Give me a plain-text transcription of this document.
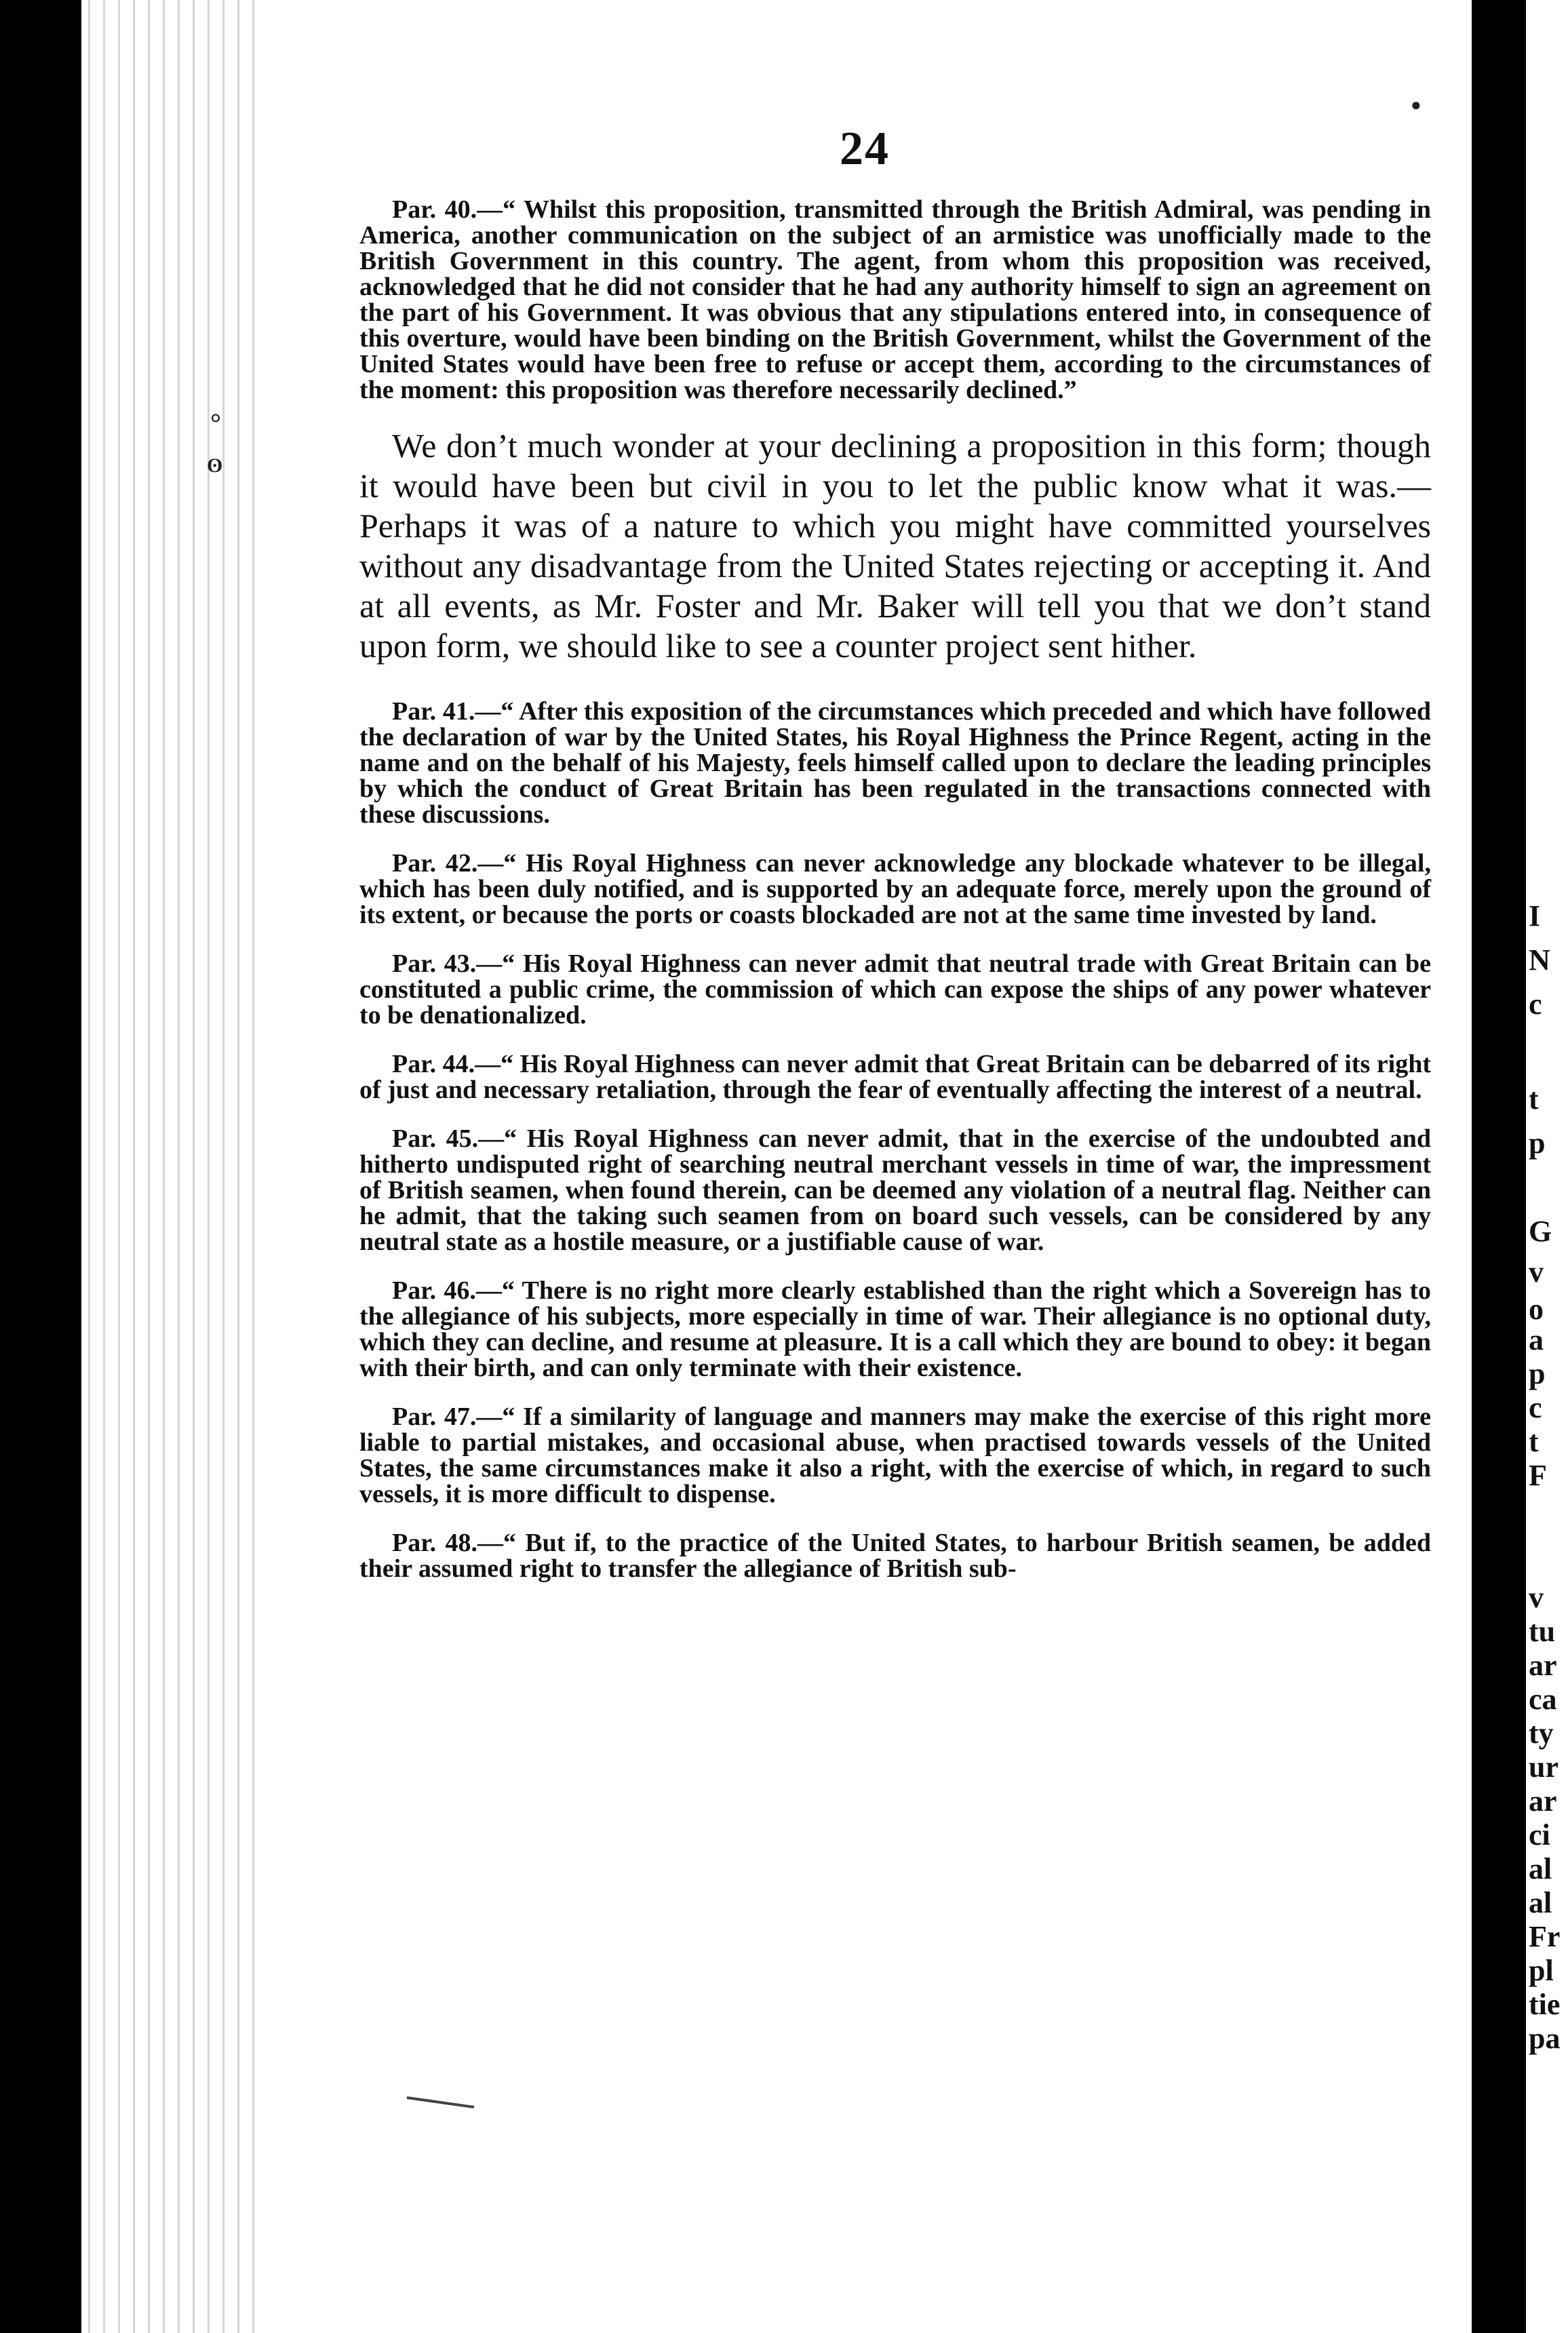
°
ʘ
24

Par. 40.—“ Whilst this proposition, transmitted through the British Admiral, was pending in America, another communication on the subject of an armistice was unofficially made to the British Government in this country. The agent, from whom this proposition was received, acknowledged that he did not consider that he had any authority himself to sign an agreement on the part of his Government. It was obvious that any stipulations entered into, in consequence of this overture, would have been binding on the British Government, whilst the Government of the United States would have been free to refuse or accept them, according to the circumstances of the moment: this proposition was therefore necessarily declined.”

We don’t much wonder at your declining a proposition in this form; though it would have been but civil in you to let the public know what it was.—Perhaps it was of a nature to which you might have committed yourselves without any disadvantage from the United States rejecting or accepting it. And at all events, as Mr. Foster and Mr. Baker will tell you that we don’t stand upon form, we should like to see a counter project sent hither.

Par. 41.—“ After this exposition of the circumstances which preceded and which have followed the declaration of war by the United States, his Royal Highness the Prince Regent, acting in the name and on the behalf of his Majesty, feels himself called upon to declare the leading principles by which the conduct of Great Britain has been regulated in the transactions connected with these discussions.

Par. 42.—“ His Royal Highness can never acknowledge any blockade whatever to be illegal, which has been duly notified, and is supported by an adequate force, merely upon the ground of its extent, or because the ports or coasts blockaded are not at the same time invested by land.

Par. 43.—“ His Royal Highness can never admit that neutral trade with Great Britain can be constituted a public crime, the commission of which can expose the ships of any power whatever to be denationalized.

Par. 44.—“ His Royal Highness can never admit that Great Britain can be debarred of its right of just and necessary retaliation, through the fear of eventually affecting the interest of a neutral.

Par. 45.—“ His Royal Highness can never admit, that in the exercise of the undoubted and hitherto undisputed right of searching neutral merchant vessels in time of war, the impressment of British seamen, when found therein, can be deemed any violation of a neutral flag. Neither can he admit, that the taking such seamen from on board such vessels, can be considered by any neutral state as a hostile measure, or a justifiable cause of war.

Par. 46.—“ There is no right more clearly established than the right which a Sovereign has to the allegiance of his subjects, more especially in time of war. Their allegiance is no optional duty, which they can decline, and resume at pleasure. It is a call which they are bound to obey: it began with their birth, and can only terminate with their existence.

Par. 47.—“ If a similarity of language and manners may make the exercise of this right more liable to partial mistakes, and occasional abuse, when practised towards vessels of the United States, the same circumstances make it also a right, with the exercise of which, in regard to such vessels, it is more difficult to dispense.

Par. 48.—“ But if, to the practice of the United States, to harbour British seamen, be added their assumed right to transfer the allegiance of British sub-

●
I
N
c
t
p
G
v
o
a
p
c
t
F
v
tu
ar
ca
ty
ur
ar
ci
al
al
Fr
pl
tie
pa
